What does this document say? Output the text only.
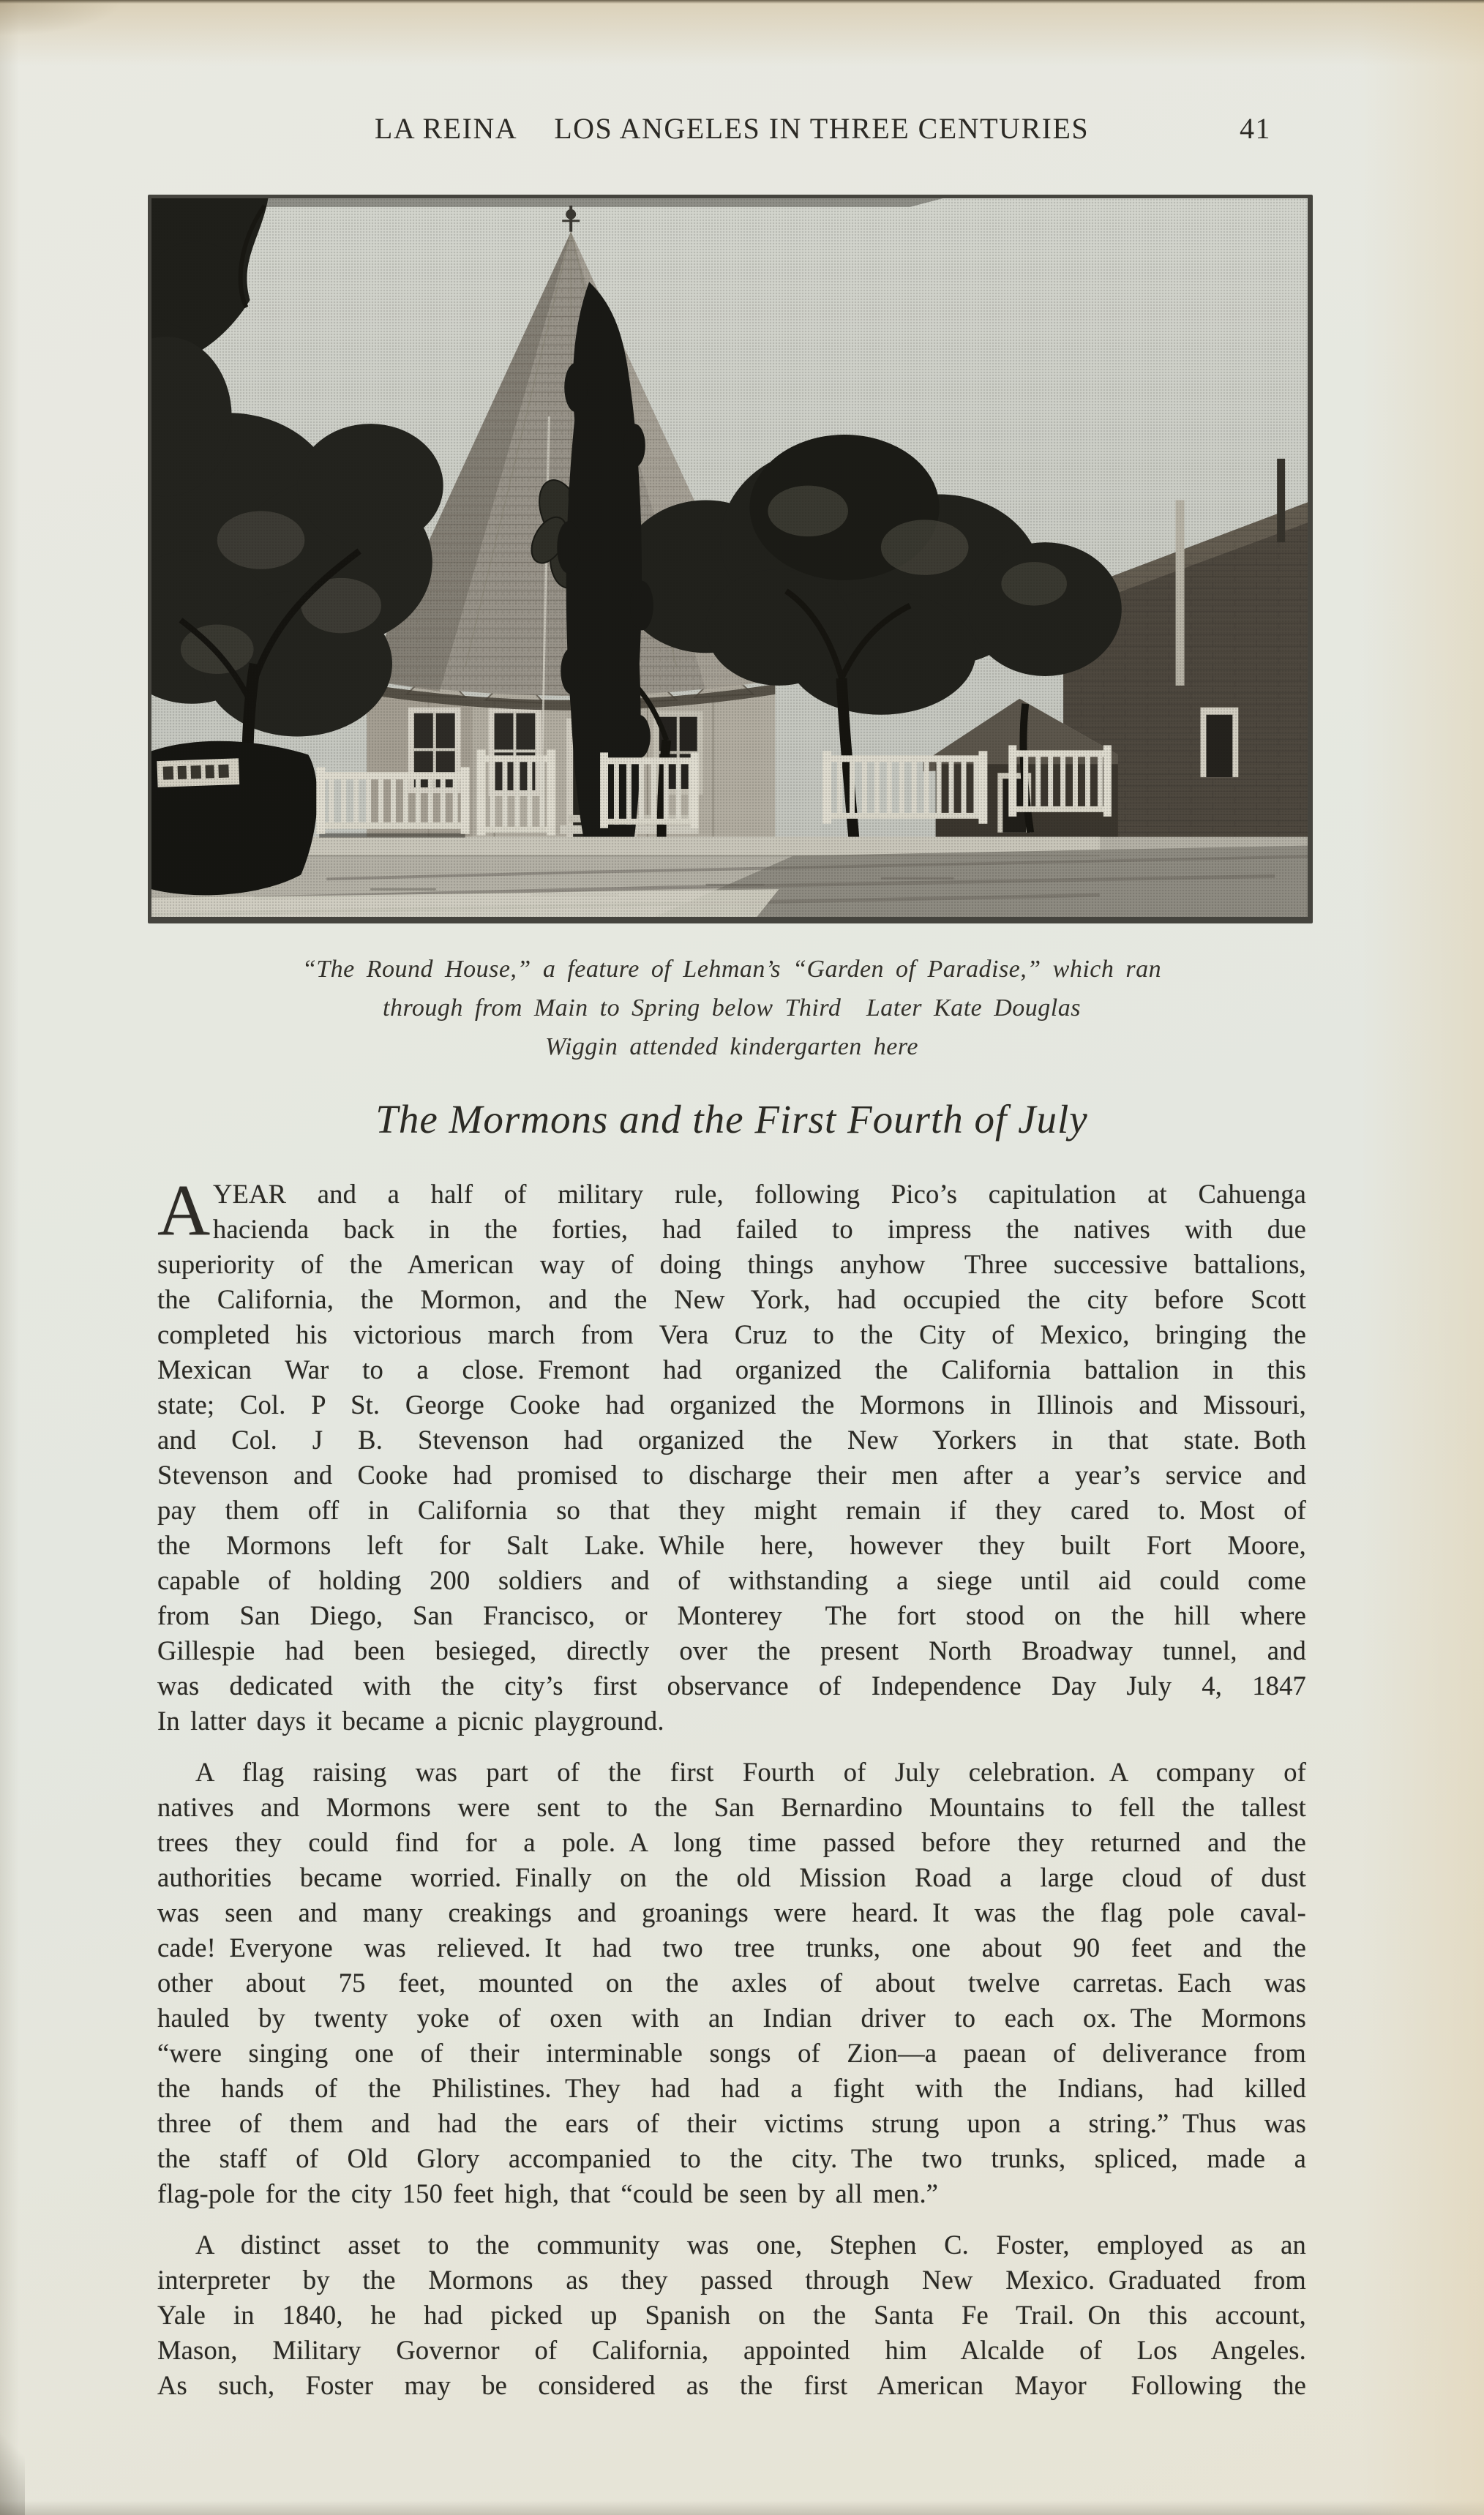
LA REINA LOS ANGELES IN THREE CENTURIES	41
“The Round House,” a feature of Lehman’s “Garden of Paradise,” which ran
through from Main to Spring below Third Later Kate Douglas
Wiggin attended kindergarten here
The Mormons and the First Fourth of July
A YEAR and a half of military rule, following Pico’s capitulation at Cahuenga
hacienda back in the forties, had failed to impress the natives with due
superiority of the American way of doing things anyhow  Three successive battalions,
the California, the Mormon, and the New York, had occupied the city before Scott
completed his victorious march from Vera Cruz to the City of Mexico, bringing the
Mexican War to a close. Fremont had organized the California battalion in this
state; Col. P St. George Cooke had organized the Mormons in Illinois and Missouri,
and Col. J B. Stevenson had organized the New Yorkers in that state. Both
Stevenson and Cooke had promised to discharge their men after a year’s service and
pay them off in California so that they might remain if they cared to. Most of
the Mormons left for Salt Lake. While here, however they built Fort Moore,
capable of holding 200 soldiers and of withstanding a siege until aid could come
from San Diego, San Francisco, or Monterey  The fort stood on the hill where
Gillespie had been besieged, directly over the present North Broadway tunnel, and
was dedicated with the city’s first observance of Independence Day July 4, 1847
In latter days it became a picnic playground.
A flag raising was part of the first Fourth of July celebration. A company of
natives and Mormons were sent to the San Bernardino Mountains to fell the tallest
trees they could find for a pole. A long time passed before they returned and the
authorities became worried. Finally on the old Mission Road a large cloud of dust
was seen and many creakings and groanings were heard. It was the flag pole caval-
cade! Everyone was relieved. It had two tree trunks, one about 90 feet and the
other about 75 feet, mounted on the axles of about twelve carretas. Each was
hauled by twenty yoke of oxen with an Indian driver to each ox. The Mormons
“were singing one of their interminable songs of Zion—a paean of deliverance from
the hands of the Philistines. They had had a fight with the Indians, had killed
three of them and had the ears of their victims strung upon a string.” Thus was
the staff of Old Glory accompanied to the city. The two trunks, spliced, made a
flag-pole for the city 150 feet high, that “could be seen by all men.”
A distinct asset to the community was one, Stephen C. Foster, employed as an
interpreter by the Mormons as they passed through New Mexico. Graduated from
Yale in 1840, he had picked up Spanish on the Santa Fe Trail. On this account,
Mason, Military Governor of California, appointed him Alcalde of Los Angeles.
As such, Foster may be considered as the first American Mayor  Following the
